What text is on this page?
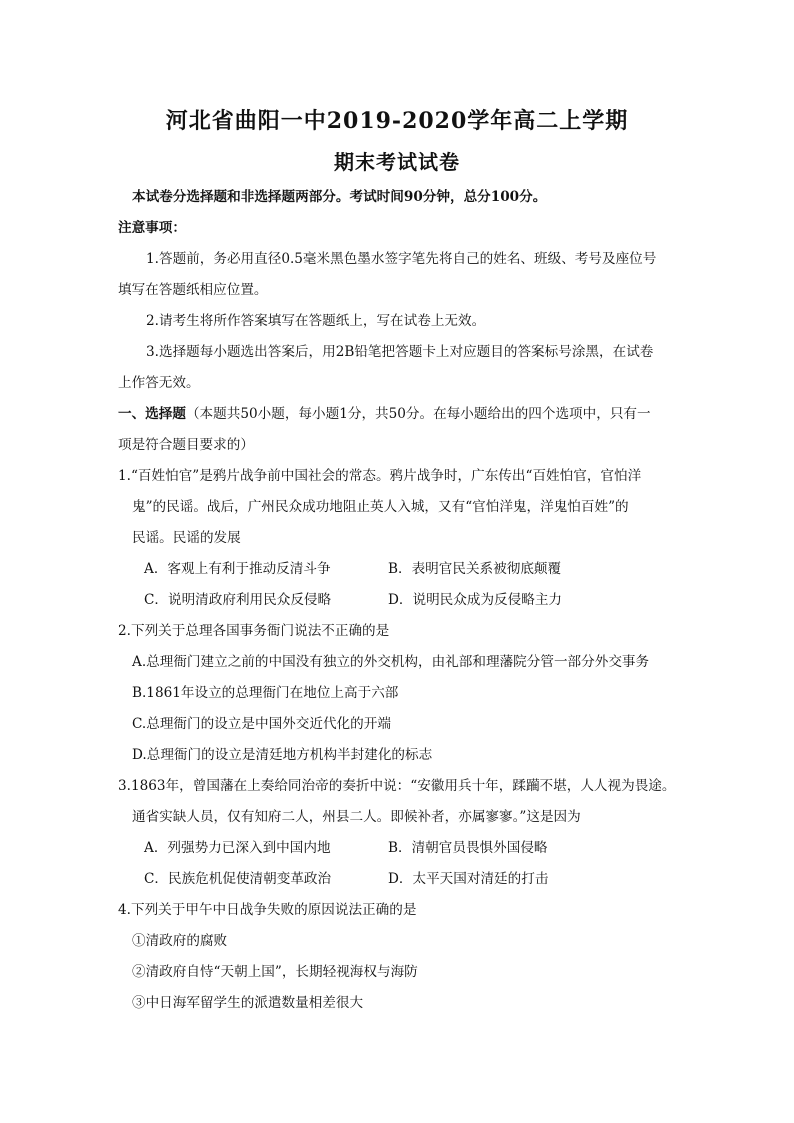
河北省曲阳一中2019-2020学年高二上学期
期末考试试卷
本试卷分选择题和非选择题两部分。考试时间90分钟，总分100分。
注意事项：
1.答题前，务必用直径0.5毫米黑色墨水签字笔先将自己的姓名、班级、考号及座位号
填写在答题纸相应位置。
2.请考生将所作答案填写在答题纸上，写在试卷上无效。
3.选择题每小题选出答案后，用2B铅笔把答题卡上对应题目的答案标号涂黑，在试卷
上作答无效。
一、选择题（本题共50小题，每小题1分，共50分。在每小题给出的四个选项中，只有一
项是符合题目要求的）
1.“百姓怕官”是鸦片战争前中国社会的常态。鸦片战争时，广东传出“百姓怕官，官怕洋
鬼”的民谣。战后，广州民众成功地阻止英人入城，又有“官怕洋鬼，洋鬼怕百姓”的
民谣。民谣的发展
A．客观上有利于推动反清斗争	B．表明官民关系被彻底颠覆
C．说明清政府利用民众反侵略	D．说明民众成为反侵略主力
2.下列关于总理各国事务衙门说法不正确的是
A.总理衙门建立之前的中国没有独立的外交机构，由礼部和理藩院分管一部分外交事务
B.1861年设立的总理衙门在地位上高于六部
C.总理衙门的设立是中国外交近代化的开端
D.总理衙门的设立是清廷地方机构半封建化的标志
3.1863年，曾国藩在上奏给同治帝的奏折中说：“安徽用兵十年，蹂躏不堪，人人视为畏途。
通省实缺人员，仅有知府二人，州县二人。即候补者，亦属寥寥。”这是因为
A．列强势力已深入到中国内地	B．清朝官员畏惧外国侵略
C．民族危机促使清朝变革政治	D．太平天国对清廷的打击
4.下列关于甲午中日战争失败的原因说法正确的是
①清政府的腐败
②清政府自恃“天朝上国”，长期轻视海权与海防
③中日海军留学生的派遣数量相差很大
